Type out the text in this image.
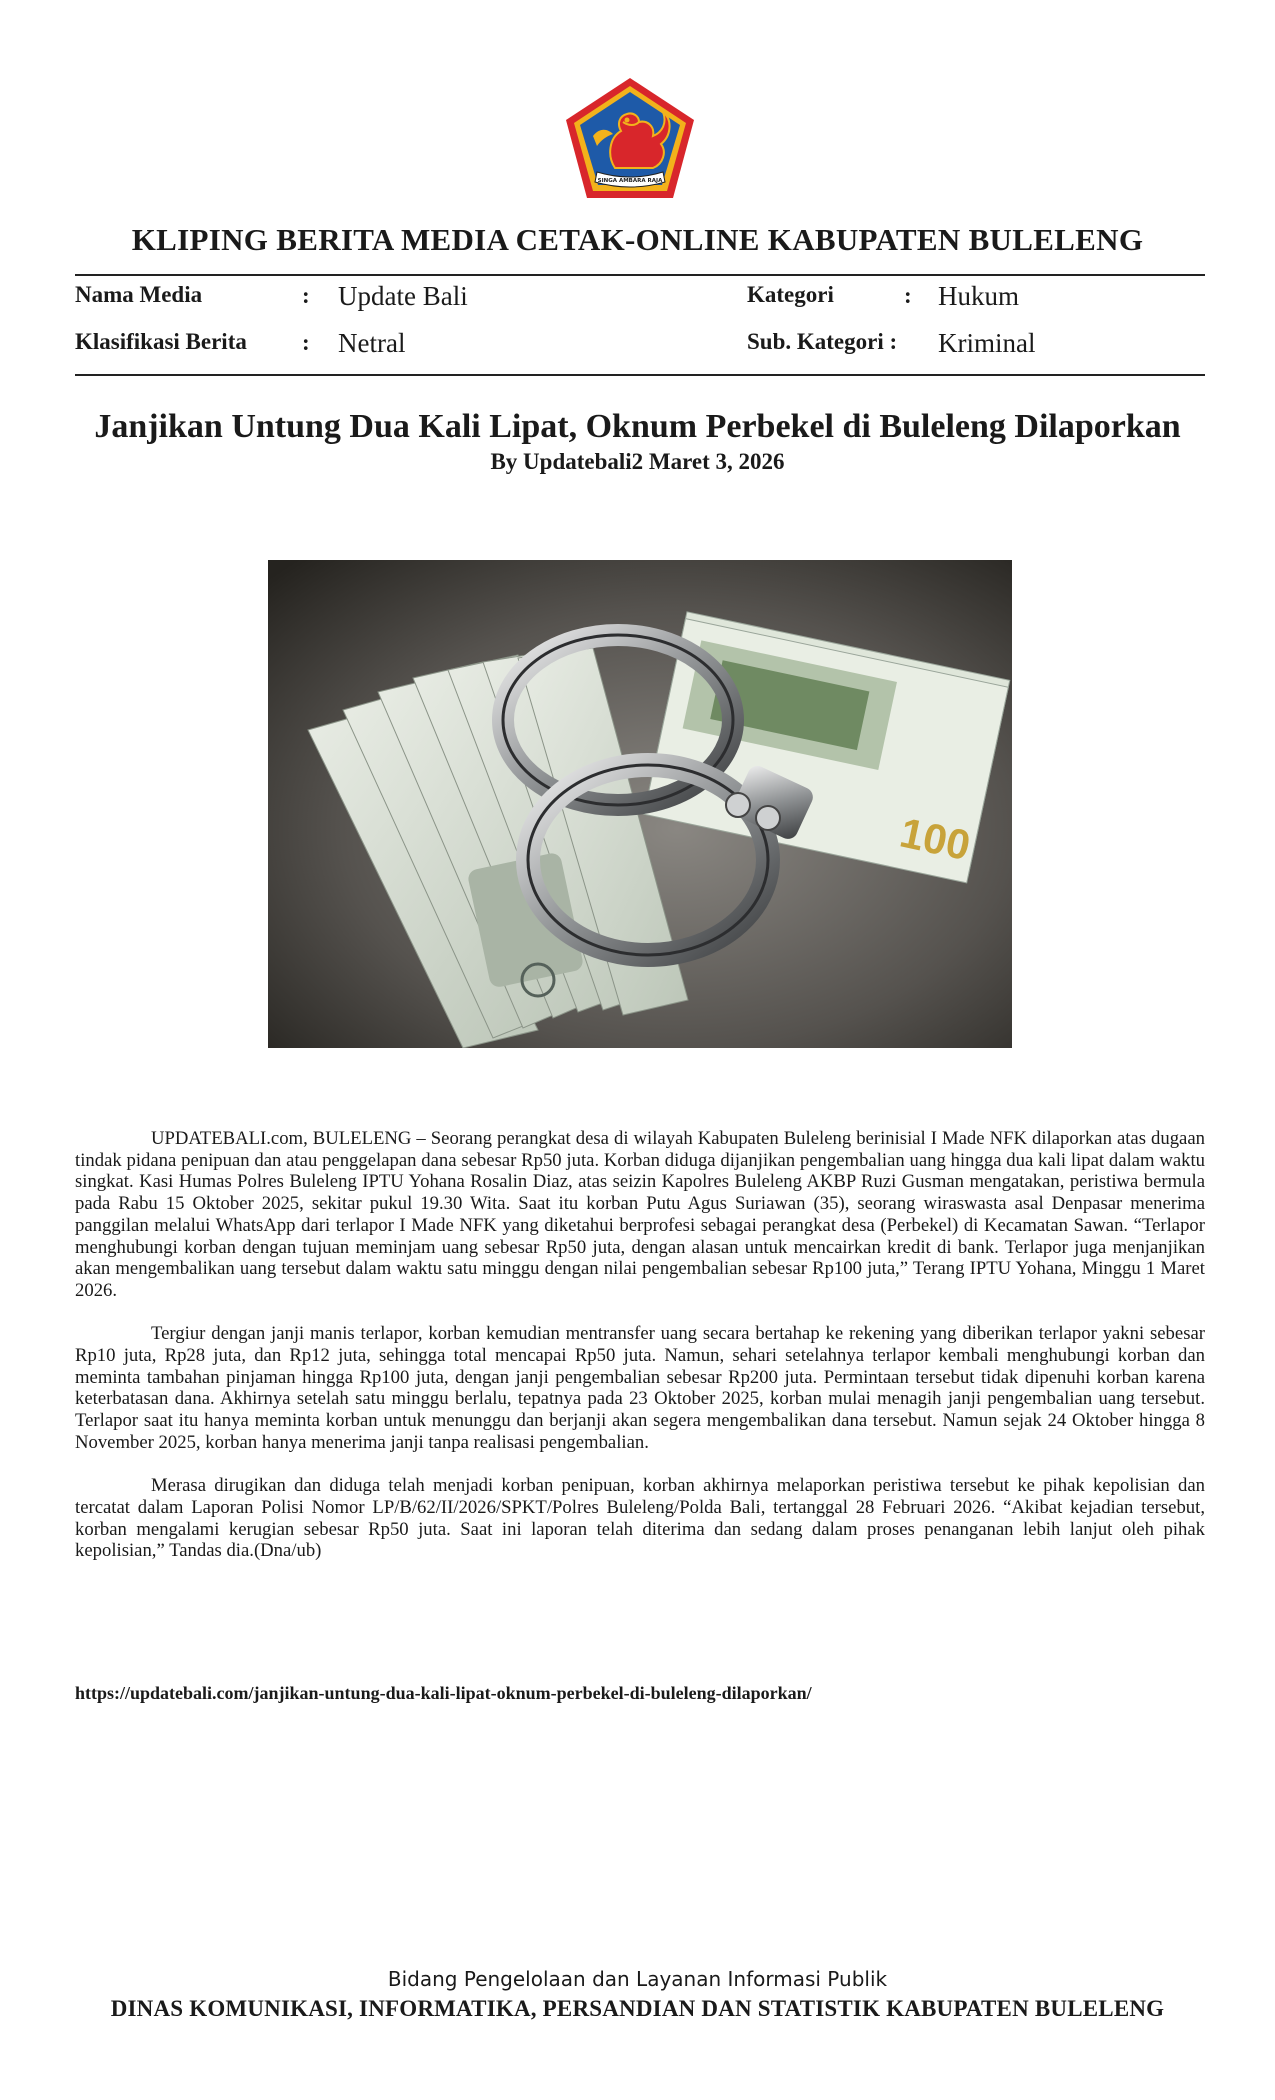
SINGA AMBARA RAJA
KLIPING BERITA MEDIA CETAK-ONLINE KABUPATEN BULELENG
Nama Media	: Update Bali	Kategori	: Hukum
Klasifikasi Berita : Netral	Sub. Kategori : Kriminal
Janjikan Untung Dua Kali Lipat, Oknum Perbekel di Buleleng Dilaporkan
By Updatebali2 Maret 3, 2026
100

UPDATEBALI.com, BULELENG – Seorang perangkat desa di wilayah Kabupaten Buleleng berinisial I Made NFK dilaporkan atas dugaan tindak pidana penipuan dan atau penggelapan dana sebesar Rp50 juta. Korban diduga dijanjikan pengembalian uang hingga dua kali lipat dalam waktu singkat. Kasi Humas Polres Buleleng IPTU Yohana Rosalin Diaz, atas seizin Kapolres Buleleng AKBP Ruzi Gusman mengatakan, peristiwa bermula pada Rabu 15 Oktober 2025, sekitar pukul 19.30 Wita. Saat itu korban Putu Agus Suriawan (35), seorang wiraswasta asal Denpasar menerima panggilan melalui WhatsApp dari terlapor I Made NFK yang diketahui berprofesi sebagai perangkat desa (Perbekel) di Kecamatan Sawan. “Terlapor menghubungi korban dengan tujuan meminjam uang sebesar Rp50 juta, dengan alasan untuk mencairkan kredit di bank. Terlapor juga menjanjikan akan mengembalikan uang tersebut dalam waktu satu minggu dengan nilai pengembalian sebesar Rp100 juta,” Terang IPTU Yohana, Minggu 1 Maret 2026.

Tergiur dengan janji manis terlapor, korban kemudian mentransfer uang secara bertahap ke rekening yang diberikan terlapor yakni sebesar Rp10 juta, Rp28 juta, dan Rp12 juta, sehingga total mencapai Rp50 juta. Namun, sehari setelahnya terlapor kembali menghubungi korban dan meminta tambahan pinjaman hingga Rp100 juta, dengan janji pengembalian sebesar Rp200 juta. Permintaan tersebut tidak dipenuhi korban karena keterbatasan dana. Akhirnya setelah satu minggu berlalu, tepatnya pada 23 Oktober 2025, korban mulai menagih janji pengembalian uang tersebut. Terlapor saat itu hanya meminta korban untuk menunggu dan berjanji akan segera mengembalikan dana tersebut. Namun sejak 24 Oktober hingga 8 November 2025, korban hanya menerima janji tanpa realisasi pengembalian.

Merasa dirugikan dan diduga telah menjadi korban penipuan, korban akhirnya melaporkan peristiwa tersebut ke pihak kepolisian dan tercatat dalam Laporan Polisi Nomor LP/B/62/II/2026/SPKT/Polres Buleleng/Polda Bali, tertanggal 28 Februari 2026. “Akibat kejadian tersebut, korban mengalami kerugian sebesar Rp50 juta. Saat ini laporan telah diterima dan sedang dalam proses penanganan lebih lanjut oleh pihak kepolisian,” Tandas dia.(Dna/ub)

https://updatebali.com/janjikan-untung-dua-kali-lipat-oknum-perbekel-di-buleleng-dilaporkan/
Bidang Pengelolaan dan Layanan Informasi Publik
DINAS KOMUNIKASI, INFORMATIKA, PERSANDIAN DAN STATISTIK KABUPATEN BULELENG
